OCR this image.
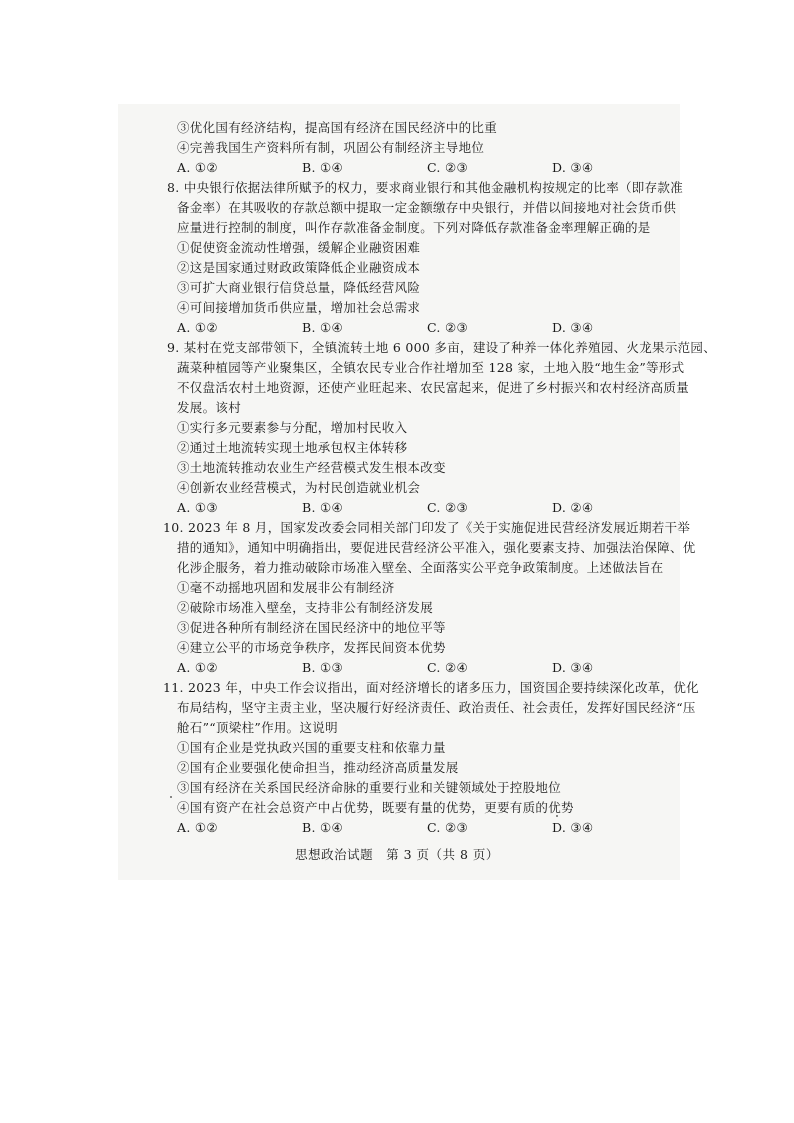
③优化国有经济结构，提高国有经济在国民经济中的比重
④完善我国生产资料所有制，巩固公有制经济主导地位
A. ①②	B. ①④	C. ②③	D. ③④
8. 中央银行依据法律所赋予的权力，要求商业银行和其他金融机构按规定的比率（即存款准
备金率）在其吸收的存款总额中提取一定金额缴存中央银行，并借以间接地对社会货币供
应量进行控制的制度，叫作存款准备金制度。下列对降低存款准备金率理解正确的是
①促使资金流动性增强，缓解企业融资困难
②这是国家通过财政政策降低企业融资成本
③可扩大商业银行信贷总量，降低经营风险
④可间接增加货币供应量，增加社会总需求
A. ①②	B. ①④	C. ②③	D. ③④
9. 某村在党支部带领下，全镇流转土地 6 000 多亩，建设了种养一体化养殖园、火龙果示范园、
蔬菜种植园等产业聚集区，全镇农民专业合作社增加至 128 家，土地入股“地生金”等形式
不仅盘活农村土地资源，还使产业旺起来、农民富起来，促进了乡村振兴和农村经济高质量
发展。该村
①实行多元要素参与分配，增加村民收入
②通过土地流转实现土地承包权主体转移
③土地流转推动农业生产经营模式发生根本改变
④创新农业经营模式，为村民创造就业机会
A. ①③	B. ①④	C. ②③	D. ②④
10. 2023 年 8 月，国家发改委会同相关部门印发了《关于实施促进民营经济发展近期若干举
措的通知》，通知中明确指出，要促进民营经济公平准入，强化要素支持、加强法治保障、优
化涉企服务，着力推动破除市场准入壁垒、全面落实公平竞争政策制度。上述做法旨在
①毫不动摇地巩固和发展非公有制经济
②破除市场准入壁垒，支持非公有制经济发展
③促进各种所有制经济在国民经济中的地位平等
④建立公平的市场竞争秩序，发挥民间资本优势
A. ①②	B. ①③	C. ②④	D. ③④
11. 2023 年，中央工作会议指出，面对经济增长的诸多压力，国资国企要持续深化改革，优化
布局结构，坚守主责主业，坚决履行好经济责任、政治责任、社会责任，发挥好国民经济“压
舱石”“顶梁柱”作用。这说明
①国有企业是党执政兴国的重要支柱和依靠力量
②国有企业要强化使命担当，推动经济高质量发展
③国有经济在关系国民经济命脉的重要行业和关键领域处于控股地位
④国有资产在社会总资产中占优势，既要有量的优势，更要有质的优势
A. ①②	B. ①④	C. ②③	D. ③④
思想政治试题　第 3 页（共 8 页）
